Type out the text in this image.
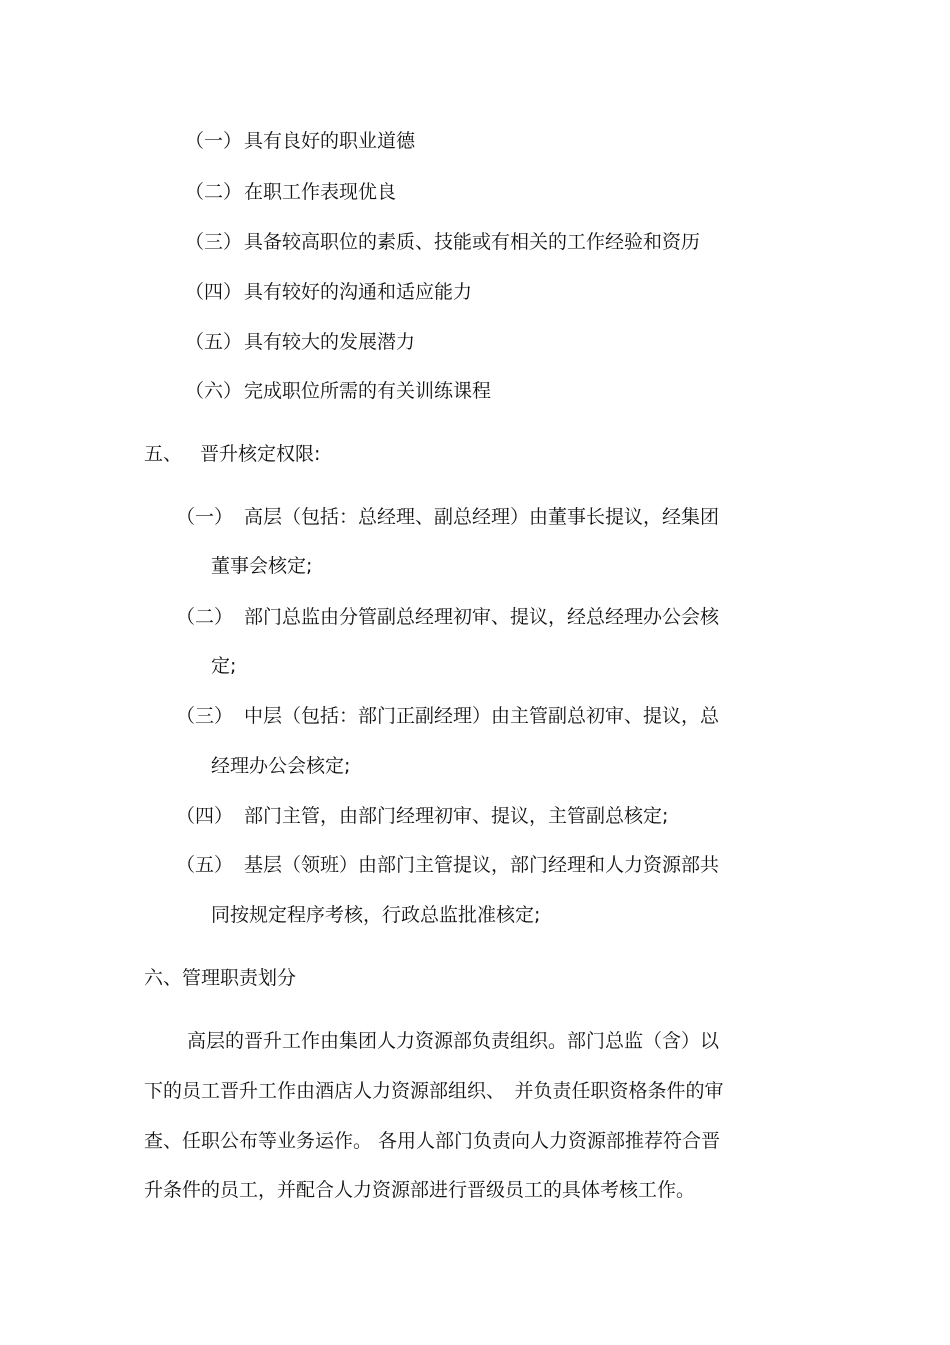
（一） 具有良好的职业道德
（二） 在职工作表现优良
（三） 具备较高职位的素质、技能或有相关的工作经验和资历
（四） 具有较好的沟通和适应能力
（五） 具有较大的发展潜力
（六） 完成职位所需的有关训练课程
五、 晋升核定权限:
（一） 高层（包括：总经理、副总经理）由董事长提议，经集团
董事会核定;
（二） 部门总监由分管副总经理初审、提议，经总经理办公会核
定;
（三） 中层（包括：部门正副经理）由主管副总初审、提议，总
经理办公会核定;
（四） 部门主管，由部门经理初审、提议，主管副总核定;
（五） 基层（领班）由部门主管提议，部门经理和人力资源部共
同按规定程序考核，行政总监批准核定;
六、管理职责划分
高层的晋升工作由集团人力资源部负责组织。部门总监（含）以
下的员工晋升工作由酒店人力资源部组织、　并负责任职资格条件的审
查、任职公布等业务运作。 各用人部门负责向人力资源部推荐符合晋
升条件的员工，并配合人力资源部进行晋级员工的具体考核工作。
